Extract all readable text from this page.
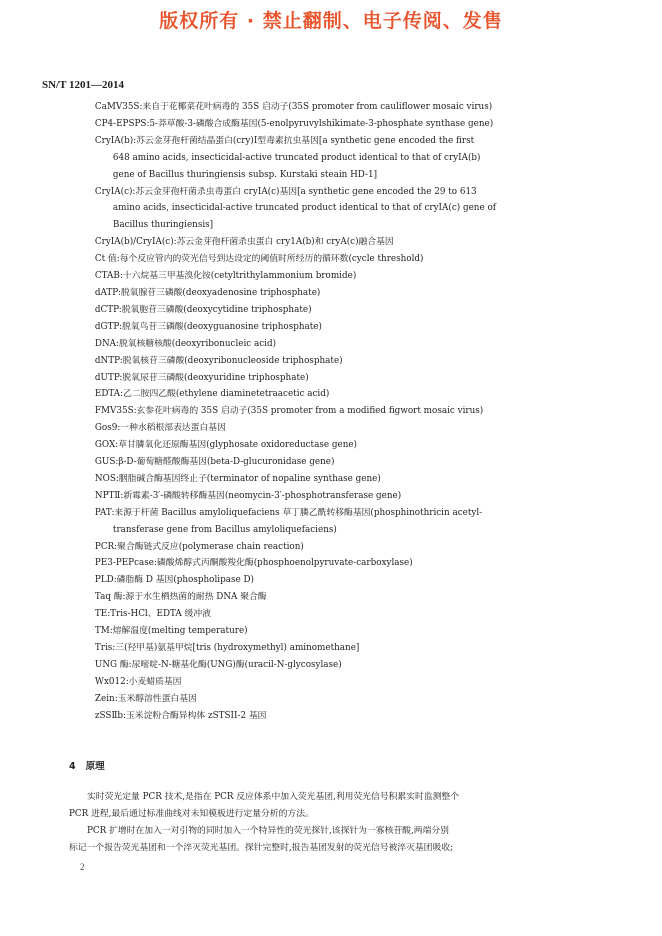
版权所有 · 禁止翻制、电子传阅、发售
SN/T 1201—2014
CaMV35S:来自于花椰菜花叶病毒的 35S 启动子(35S promoter from cauliflower mosaic virus)
CP4-EPSPS:5-莽草酸-3-磷酸合成酶基因(5-enolpyruvylshikimate-3-phosphate synthase gene)
CryIA(b):苏云金芽孢杆菌结晶蛋白(cry)Ⅰ型毒素抗虫基因[a synthetic gene encoded the first
648 amino acids, insecticidal-active truncated product identical to that of cryIA(b)
gene of Bacillus thuringiensis subsp. Kurstaki steain HD-1]
CryIA(c):苏云金芽孢杆菌杀虫毒蛋白 cryIA(c)基因[a synthetic gene encoded the 29 to 613
amino acids, insecticidal-active truncated product identical to that of cryIA(c) gene of
Bacillus thuringiensis]
CryIA(b)/CryIA(c):苏云金芽孢杆菌杀虫蛋白 cry1A(b)和 cryA(c)融合基因
Ct 值:每个反应管内的荧光信号到达设定的阈值时所经历的循环数(cycle threshold)
CTAB:十六烷基三甲基溴化铵(cetyltrithylammonium bromide)
dATP:脱氧腺苷三磷酸(deoxyadenosine triphosphate)
dCTP:脱氧胞苷三磷酸(deoxycytidine triphosphate)
dGTP:脱氧鸟苷三磷酸(deoxyguanosine triphosphate)
DNA:脱氧核糖核酸(deoxyribonucleic acid)
dNTP:脱氧核苷三磷酸(deoxyribonucleoside triphosphate)
dUTP:脱氧尿苷三磷酸(deoxyuridine triphosphate)
EDTA:乙二胺四乙酸(ethylene diaminetetraacetic acid)
FMV35S:玄参花叶病毒的 35S 启动子(35S promoter from a modified figwort mosaic virus)
Gos9:一种水稻根部表达蛋白基因
GOX:草甘膦氧化还原酶基因(glyphosate oxidoreductase gene)
GUS:β-D-葡萄糖醛酸酶基因(beta-D-glucuronidase gene)
NOS:胭脂碱合酶基因终止子(terminator of nopaline synthase gene)
NPTⅡ:新霉素-3′-磷酸转移酶基因(neomycin-3′-phosphotransferase gene)
PAT:来源于杆菌 Bacillus amyloliquefaciens 草丁膦乙酰转移酶基因(phosphinothricin acetyl-
transferase gene from Bacillus amyloliquefaciens)
PCR:聚合酶链式反应(polymerase chain reaction)
PE3-PEPcase:磷酸烯醇式丙酮酸羧化酶(phosphoenolpyruvate-carboxylase)
PLD:磷脂酶 D 基因(phospholipase D)
Taq 酶:源于水生栖热菌的耐热 DNA 聚合酶
TE:Tris-HCl、EDTA 缓冲液
TM:熔解温度(melting temperature)
Tris:三(羟甲基)氨基甲烷[tris (hydroxymethyl) aminomethane]
UNG 酶:尿嘧啶-N-糖基化酶(UNG)酶(uracil-N-glycosylase)
Wx012:小麦蜡质基因
Zein:玉米醇溶性蛋白基因
zSSⅡb:玉米淀粉合酶异构体 zSTSII-2 基因
4 原理
实时荧光定量 PCR 技术,是指在 PCR 反应体系中加入荧光基团,利用荧光信号积累实时监测整个
PCR 进程,最后通过标准曲线对未知模板进行定量分析的方法。
PCR 扩增时在加入一对引物的同时加入一个特异性的荧光探针,该探针为一寡核苷酸,两端分别
标记一个报告荧光基团和一个淬灭荧光基团。探针完整时,报告基团发射的荧光信号被淬灭基团吸收;
2
